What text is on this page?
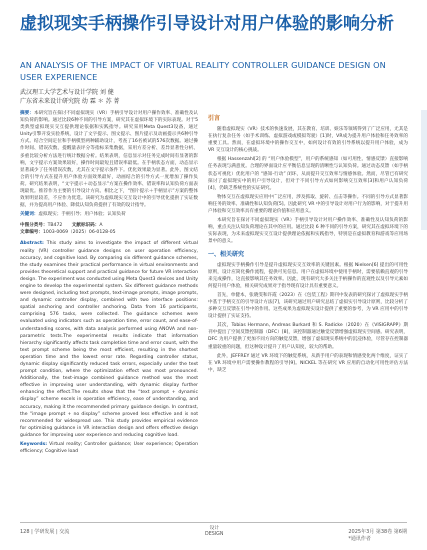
虚拟现实手柄操作引导设计对用户体验的影响分析
AN ANALYSIS OF THE IMPACT OF VIRTUAL REALITY CONTROLLER GUIDANCE DESIGN ON USER EXPERIENCE
武汉理工大学艺术与设计学院 刘 健
广东省未来设计研究院 幼 霖 ＊ 苏 菁

摘要：本研究旨在探讨不同虚拟现实（VR）手柄引导设计对用户操作效率、准确性及认知负荷的影响。通过比较6种不同的引导方案，研究其在虚拟环境下的实际表现。对于5类典型虚拟现实交互提供理论依据和实践指导。研究采用Meta Quest3设备，通过Unity引擎开发实验系统，设计了文字提示、图文提示、图片提示及动画提示共6种引导方式。结合空间定位和手柄模型两种辅助设计，考查了16名被试的576次数据。通过操作时间、错误次数、提醒量表评分等指标采集数据，采用方差分析、差异显著性分析、多重比较分析方法进行统计数据分析。结果表明，信息显示对任务完成时间有显著的影响，文字提示方案效果较好，操作时间最短且错误率最低。在手柄状态方面，动态显示显著减少了任务错误次数，尤其在文字提示条件下。优化效果最为显著。此外，图文结合的引导方式在提升用户体验方面效果最好，动画结合的引导方式一度增加了操作负荷。研究结果表明，“文字提示＋动态显示”方案在操作效率、错误率和认知负荷方面表现最优。推荐作为主要的引导设计方向。相比之下，“图片提示＋手柄显示”方案的整体效果明显较差，不应作为优选。该研究为虚拟现实交互设计中的引导优化提供了实证数据，并为提高用户体验、降低认知负荷提供了有效的设计指导。

关键词：虚拟现实；手柄引导；用户体验；认知负荷

中图分类号：TB472 文献标识码：A
文章编号：1003-0069（2025）06-0128-05

Abstract: This study aims to investigate the impact of different virtual reality (VR) controller guidance designs on user operation efficiency, accuracy, and cognitive load. By comparing six different guidance schemes, the study examines their practical performance in virtual environments and provides theoretical support and practical guidance for future VR interaction design. The experiment was conducted using Meta Quest3 devices and Unity engine to develop the experimental system. Six different guidance methods were designed, including text prompts, text-image prompts, image prompts, and dynamic controller display, combined with two interface positions: spatial anchoring and controller anchoring. Data from 16 participants, comprising 576 tasks, were collected. The guidance schemes were evaluated using indicators such as operation time, error count, and ease-of-understanding scores, with data analysis performed using ANOVA and non-parametric tests.The experimental results indicate that information hierarchy significantly affects task completion time and error count, with the text prompt scheme being the most efficient, resulting in the shortest operation time and the lowest error rate. Regarding controller status, dynamic display significantly reduced task errors, especially under the text prompt condition, where the optimization effect was most pronounced. Additionally, the text-image combined guidance method was the most effective in improving user understanding, with dynamic display further enhancing the effect.The results show that the “text prompt + dynamic display” scheme excels in operation efficiency, ease of understanding, and accuracy, making it the recommended primary guidance design. In contrast, the “image prompt + no display” scheme proved less effective and is not recommended for widespread use. This study provides empirical evidence for optimizing guidance in VR interaction design and offers effective design guidance for improving user experience and reducing cognitive load.

Keywords: Virtual reality; Controller guidance; User experience; Operation efficiency; Cognitive load

引言

随着虚拟现实（VR）技术的快速发展，其在教育、培训、娱乐等领域得到了广泛应用，尤其是在执行复杂任务（如手术训练、虚拟游戏或模拟驾驶）[1]时，VR成为提升用户体验和任务效率的重要工具。然而，在虚拟环境中的操作交互中，如何设计有效的引导系统以提升用户体验，成为 VR 交互设计的核心挑战。

根据 Hassenzahl[2] 的 “用户体验模型”，用户的系统感知（如可用性、情感反馈）直接影响任务表现与满意度。合理的界面设计应平衡信息呈现的清晰性与认知负荷。通过动态反馈（如手柄状态可视化）优化用户的 “感知-行动” 闭环，从而提升交互效率与情感体验。然而，尽管已有研究探讨了虚拟现实中的用户引导设计，但对于不同引导方式如何影响交互效率[3]和用户认知负荷[4]，仍缺乏系统性的实证研究。

物体交互在虚拟现实应用中广泛应用，涉及抓取、旋转、点击等操作。不同的引导方式显著影响任务的效率、准确性和认知负荷[5]。因此研究 VR 中的引导设计对用户行为的影响，对于提升用户体验和交互效率具有重要的理论价值和应用意义。

本研究旨在探讨不同虚拟现实（VR）手柄引导设计对用户操作效率、准确性及认知负荷的影响，重点关注认知负荷理论在其中的应用。通过比较 6 种不同的引导方案，研究其在虚拟环境下的实际表现，为未来虚拟现实交互设计提供理论依据和实践指导，特别是在虚拟教育和游戏等应用场景中的意义。

一、相关研究

虚拟现实手柄操作引导是提升虚拟现实交互效率的关键因素。根据 Nielsen[6] 提出的可用性原则，设计应简化操作流程，提供可见信息。用户在虚拟环境中使用手柄时，需要依赖直观的引导来完成操作，这直接影响其任务效率。因此，现有研究大多关注手柄操作的直观性以及引导元素如何提升用户体验，相关研究成果对于指导现有设计具有重要意义。

首先，单健本，张晓雯和许霞（2023）在《包装工程》期刊中发表的研究探讨了虚拟现实手柄中基于手柄交互的引导设计方法[7]，该研究通过用户研究总结了虚拟实引导设计原则，比较分析了多种交互反馈在引导中的作用。这些成果为虚拟现实设计提供了重要的参考，为 VR 应用中的引导设计提供了实证支持。

其次，Tobias Hermann, Andreas Burkard 和 S. Radicke（2020）在《VISIGRAPP》期刊中提出了空间反馈控制器（DFC）[8]，该控制器通过触觉反馈增强虚拟现实空间感。研究表明，DFC 为用户提供了更加不同方向的触觉反馈，增强了虚拟现实系统中的沉浸体验，尽管存在控制器重量较重的问题，但这种设计提升了用户认知度，较大的帮助。

此外，JEFFREY 通过 VR 环境下的触觉系统，从新手用户的表现和情感变化两个维度，证实了在 VR 环境中用户需要操作教程的引导[9]。NICKEL 等在研究 VR 应用的自动化可用性评估方法中，缺乏

128 | 学研发展 | 交流
设计
DESIGN	2025年3月 第38卷 第6期
*通讯作者
